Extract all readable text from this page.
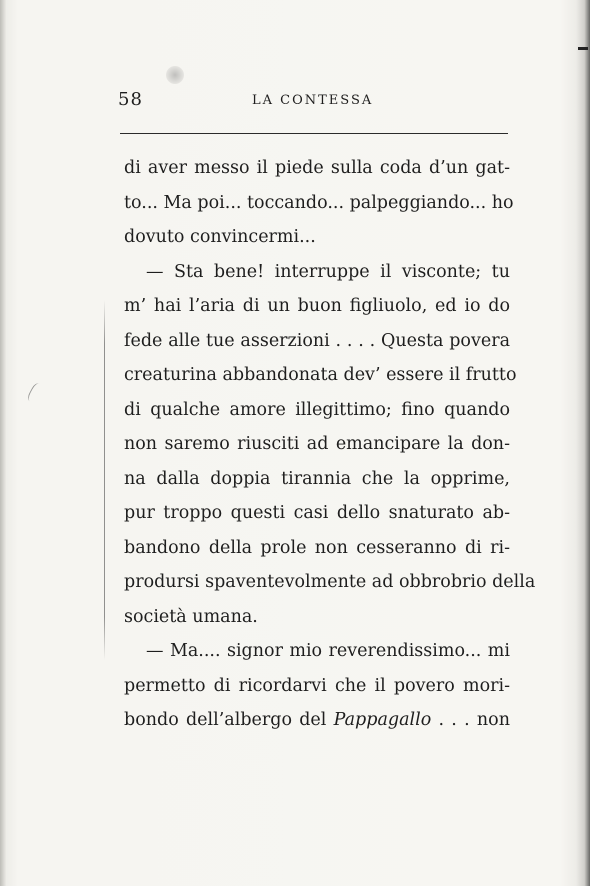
58	LA CONTESSA
di aver messo il piede sulla coda d’un gat-
to... Ma poi... toccando... palpeggiando... ho
dovuto convincermi...
— Sta bene! interruppe il visconte; tu
m’ hai l’aria di un buon figliuolo, ed io do
fede alle tue asserzioni . . . . Questa povera
creaturina abbandonata dev’ essere il frutto
di qualche amore illegittimo; fino quando
non saremo riusciti ad emancipare la don-
na dalla doppia tirannia che la opprime,
pur troppo questi casi dello snaturato ab-
bandono della prole non cesseranno di ri-
prodursi spaventevolmente ad obbrobrio della
società umana.
— Ma.... signor mio reverendissimo... mi
permetto di ricordarvi che il povero mori-
bondo dell’albergo del Pappagallo . . . non
